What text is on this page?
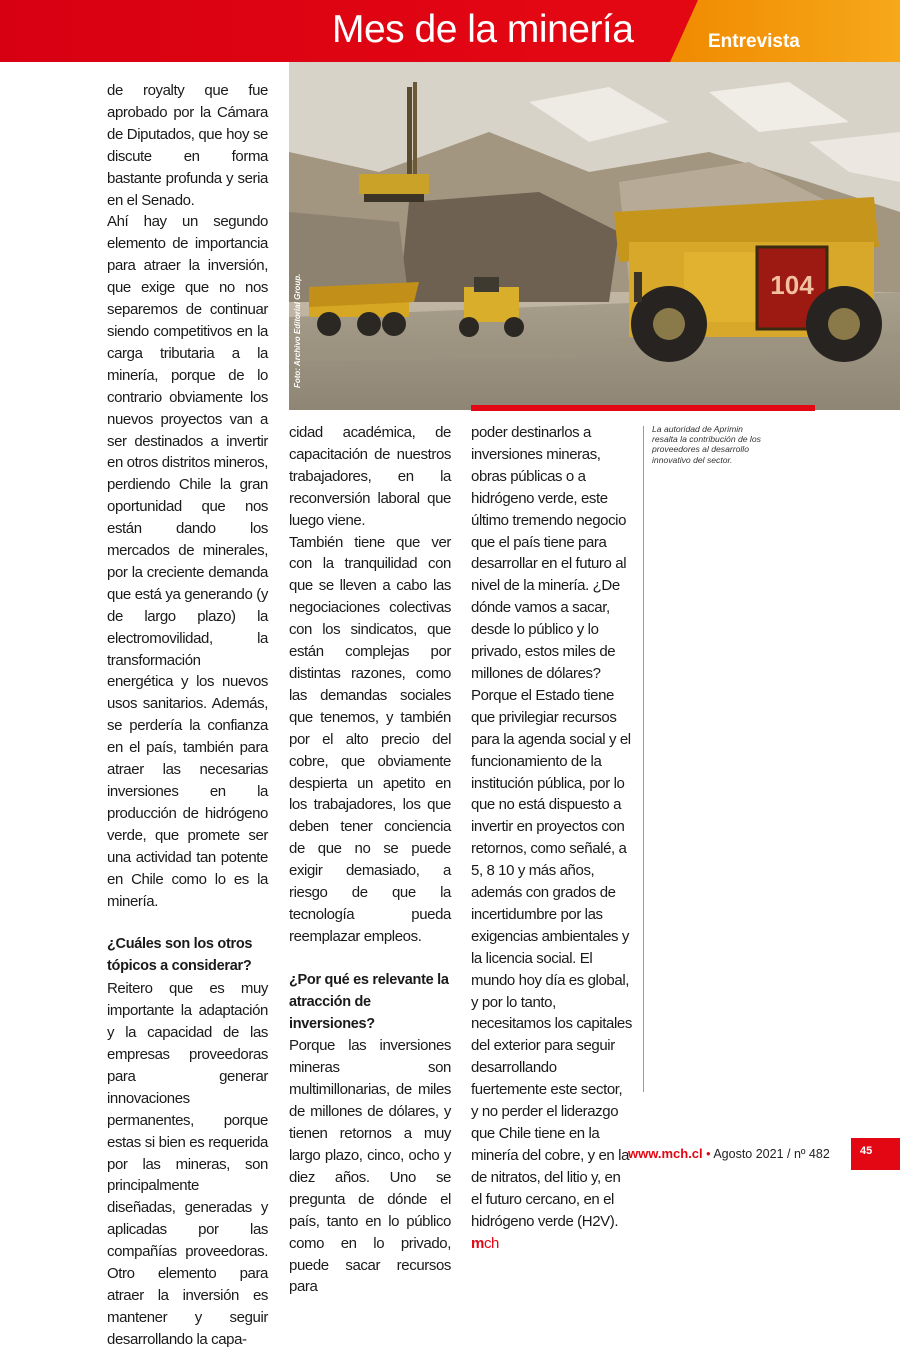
Mes de la minería	Entrevista
104
Foto: Archivo Editorial Group.

de royalty que fue aprobado por la Cámara de Diputados, que hoy se discute en forma bastante profunda y seria en el Senado.

Ahí hay un segundo elemento de importancia para atraer la inversión, que exige que no nos separemos de continuar siendo competitivos en la carga tributaria a la minería, porque de lo contrario obviamente los nuevos proyectos van a ser destinados a invertir en otros distritos mineros, perdiendo Chile la gran oportunidad que nos están dando los mercados de minerales, por la creciente demanda que está ya generando (y de largo plazo) la electromovilidad, la transformación energética y los nuevos usos sanitarios. Además, se perdería la confianza en el país, también para atraer las necesarias inversiones en la producción de hidrógeno verde, que promete ser una actividad tan potente en Chile como lo es la minería.

¿Cuáles son los otros tópicos a considerar?

Reitero que es muy importante la adaptación y la capacidad de las empresas proveedoras para generar innovaciones permanentes, porque estas si bien es requerida por las mineras, son principalmente diseñadas, generadas y aplicadas por las compañías proveedoras. Otro elemento para atraer la inversión es mantener y seguir desarrollando la capa-

cidad académica, de capacitación de nuestros trabajadores, en la reconversión laboral que luego viene.

También tiene que ver con la tranquilidad con que se lleven a cabo las negociaciones colectivas con los sindicatos, que están complejas por distintas razones, como las demandas sociales que tenemos, y también por el alto precio del cobre, que obviamente despierta un apetito en los trabajadores, los que deben tener conciencia de que no se puede exigir demasiado, a riesgo de que la tecnología pueda reemplazar empleos.

¿Por qué es relevante la atracción de inversiones?

Porque las inversiones mineras son multimillonarias, de miles de millones de dólares, y tienen retornos a muy largo plazo, cinco, ocho y diez años. Uno se pregunta de dónde el país, tanto en lo público como en lo privado, puede sacar recursos para

poder destinarlos a inversiones mineras, obras públicas o a hidrógeno verde, este último tremendo negocio que el país tiene para desarrollar en el futuro al nivel de la minería. ¿De dónde vamos a sacar, desde lo público y lo privado, estos miles de millones de dólares? Porque el Estado tiene que privilegiar recursos para la agenda social y el funcionamiento de la institución pública, por lo que no está dispuesto a invertir en proyectos con retornos, como señalé, a 5, 8 10 y más años, además con grados de incertidumbre por las exigencias ambientales y la licencia social. El mundo hoy día es global, y por lo tanto, necesitamos los capitales del exterior para seguir desarrollando fuertemente este sector, y no perder el liderazgo que Chile tiene en la minería del cobre, y en la de nitratos, del litio y, en el futuro cercano, en el hidrógeno verde (H2V). mch

La autoridad de Aprimin resalta la contribución de los proveedores al desarrollo innovativo del sector.
www.mch.cl • Agosto 2021 / nº 482	45
